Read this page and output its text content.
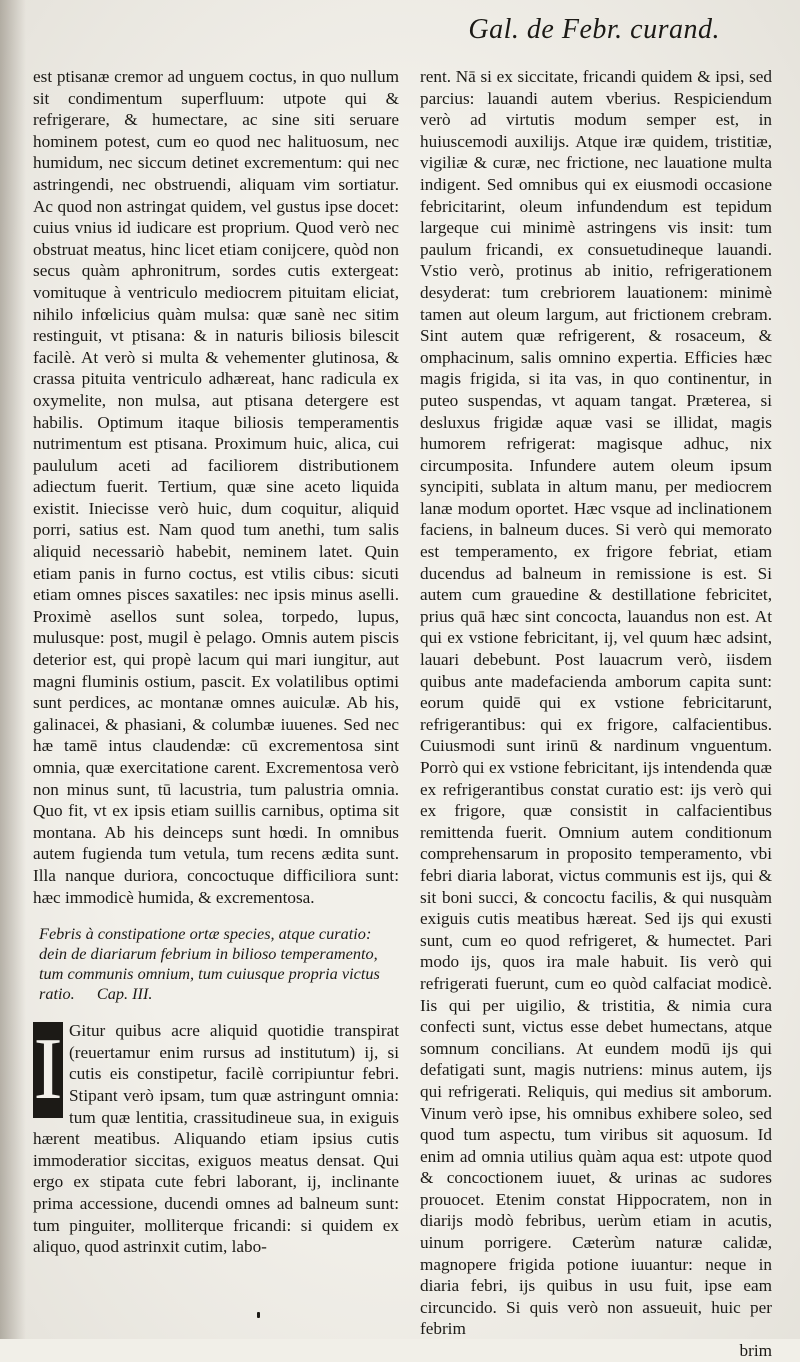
Gal. de Febr. curand.

est ptisanæ cremor ad unguem coctus, in quo nullum sit condimentum superfluum: utpote qui & refrigerare, & humectare, ac sine siti seruare hominem potest, cum eo quod nec halituosum, nec humidum, nec siccum detinet excrementum: qui nec astringendi, nec obstruendi, aliquam vim sortiatur. Ac quod non astringat quidem, vel gustus ipse docet: cuius vnius id iudicare est proprium. Quod verò nec obstruat meatus, hinc licet etiam conijcere, quòd non secus quàm aphronitrum, sordes cutis extergeat: vomituque à ventriculo mediocrem pituitam eliciat, nihilo infœlicius quàm mulsa: quæ sanè nec sitim restinguit, vt ptisana: & in naturis biliosis bilescit facilè. At verò si multa & vehementer glutinosa, & crassa pituita ventriculo adhæreat, hanc radicula ex oxymelite, non mulsa, aut ptisana detergere est habilis. Optimum itaque biliosis temperamentis nutrimentum est ptisana. Proximum huic, alica, cui paululum aceti ad faciliorem distributionem adiectum fuerit. Tertium, quæ sine aceto liquida existit. Iniecisse verò huic, dum coquitur, aliquid porri, satius est. Nam quod tum anethi, tum salis aliquid necessariò habebit, neminem latet. Quin etiam panis in furno coctus, est vtilis cibus: sicuti etiam omnes pisces saxatiles: nec ipsis minus aselli. Proximè asellos sunt solea, torpedo, lupus, mulusque: post, mugil è pelago. Omnis autem piscis deterior est, qui propè lacum qui mari iungitur, aut magni fluminis ostium, pascit. Ex volatilibus optimi sunt perdices, ac montanæ omnes auiculæ. Ab his, galinacei, & phasiani, & columbæ iuuenes. Sed nec hæ tamē intus claudendæ: cū excrementosa sint omnia, quæ exercitatione carent. Excrementosa verò non minus sunt, tū lacustria, tum palustria omnia. Quo fit, vt ex ipsis etiam suillis carnibus, optima sit montana. Ab his deinceps sunt hœdi. In omnibus autem fugienda tum vetula, tum recens ædita sunt. Illa nanque duriora, concoctuque difficiliora sunt: hæc immodicè humida, & excrementosa.

Febris à constipatione ortæ species, atque curatio: dein de diariarum febrium in bilioso temperamento, tum communis omnium, tum cuiusque propria victus ratio. Cap. III.

I Gitur quibus acre aliquid quotidie transpirat (reuertamur enim rursus ad institutum) ij, si cutis eis constipetur, facilè corripiuntur febri. Stipant verò ipsam, tum quæ astringunt omnia: tum quæ lentitia, crassitudineue sua, in exiguis hærent meatibus. Aliquando etiam ipsius cutis immoderatior siccitas, exiguos meatus densat. Qui ergo ex stipata cute febri laborant, ij, inclinante prima accessione, ducendi omnes ad balneum sunt: tum pinguiter, molliterque fricandi: si quidem ex aliquo, quod astrinxit cutim, labo-

rent. Nā si ex siccitate, fricandi quidem & ipsi, sed parcius: lauandi autem vberius. Respiciendum verò ad virtutis modum semper est, in huiuscemodi auxilijs. Atque iræ quidem, tristitiæ, vigiliæ & curæ, nec frictione, nec lauatione multa indigent. Sed omnibus qui ex eiusmodi occasione febricitarint, oleum infundendum est tepidum largeque cui minimè astringens vis insit: tum paulum fricandi, ex consuetudineque lauandi. Vstio verò, protinus ab initio, refrigerationem desyderat: tum crebriorem lauationem: minimè tamen aut oleum largum, aut frictionem crebram. Sint autem quæ refrigerent, & rosaceum, & omphacinum, salis omnino expertia. Efficies hæc magis frigida, si ita vas, in quo continentur, in puteo suspendas, vt aquam tangat. Præterea, si desluxus frigidæ aquæ vasi se illidat, magis humorem refrigerat: magisque adhuc, nix circumposita. Infundere autem oleum ipsum syncipiti, sublata in altum manu, per mediocrem lanæ modum oportet. Hæc vsque ad inclinationem faciens, in balneum duces. Si verò qui memorato est temperamento, ex frigore febriat, etiam ducendus ad balneum in remissione is est. Si autem cum grauedine & destillatione febricitet, prius quā hæc sint concocta, lauandus non est. At qui ex vstione febricitant, ij, vel quum hæc adsint, lauari debebunt. Post lauacrum verò, iisdem quibus ante madefacienda amborum capita sunt: eorum quidē qui ex vstione febricitarunt, refrigerantibus: qui ex frigore, calfacientibus. Cuiusmodi sunt irinū & nardinum vnguentum. Porrò qui ex vstione febricitant, ijs intendenda quæ ex refrigerantibus constat curatio est: ijs verò qui ex frigore, quæ consistit in calfacientibus remittenda fuerit. Omnium autem conditionum comprehensarum in proposito temperamento, vbi febri diaria laborat, victus communis est ijs, qui & sit boni succi, & concoctu facilis, & qui nusquàm exiguis cutis meatibus hæreat. Sed ijs qui exusti sunt, cum eo quod refrigeret, & humectet. Pari modo ijs, quos ira male habuit. Iis verò qui refrigerati fuerunt, cum eo quòd calfaciat modicè. Iis qui per uigilio, & tristitia, & nimia cura confecti sunt, victus esse debet humectans, atque somnum concilians. At eundem modū ijs qui defatigati sunt, magis nutriens: minus autem, ijs qui refrigerati. Reliquis, qui medius sit amborum. Vinum verò ipse, his omnibus exhibere soleo, sed quod tum aspectu, tum viribus sit aquosum. Id enim ad omnia utilius quàm aqua est: utpote quod & concoctionem iuuet, & urinas ac sudores prouocet. Etenim constat Hippocratem, non in diarijs modò febribus, uerùm etiam in acutis, uinum porrigere. Cæterùm naturæ calidæ, magnopere frigida potione iuuantur: neque in diaria febri, ijs quibus in usu fuit, ipse eam circuncido. Si quis verò non assueuit, huic per febrim

brim
